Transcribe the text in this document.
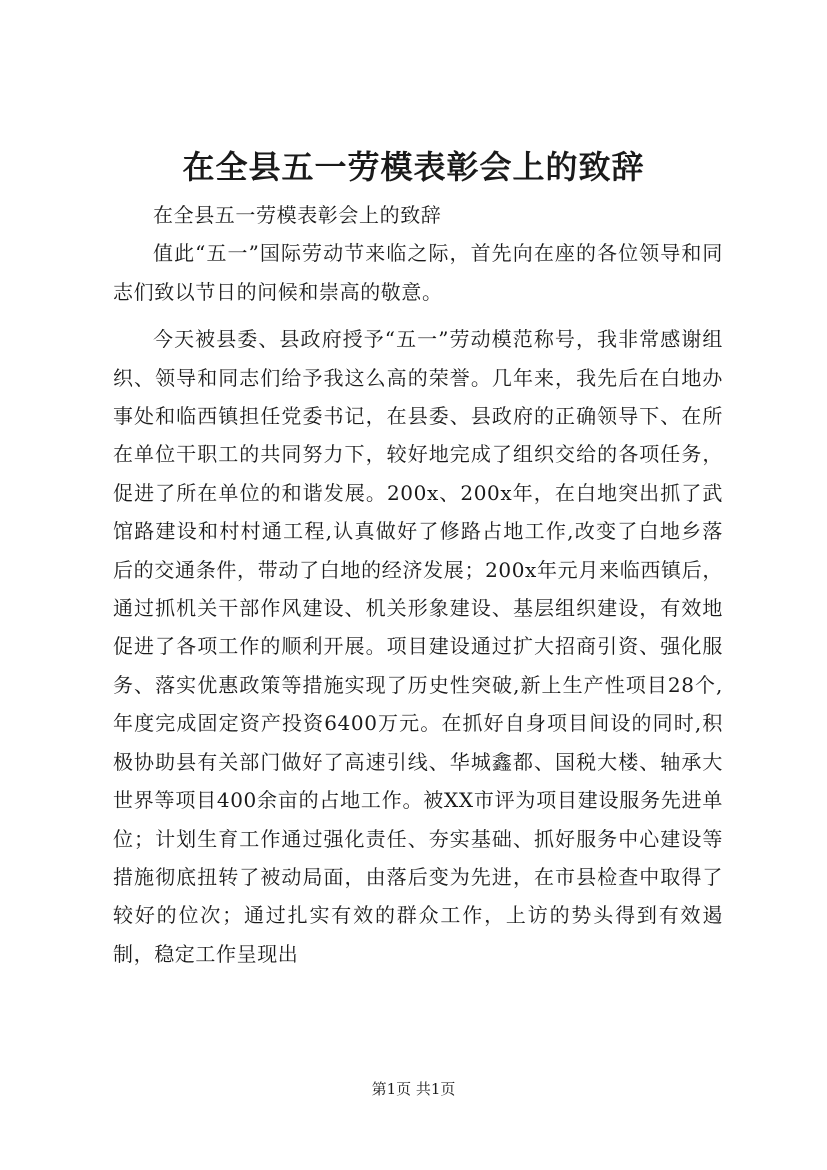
在全县五一劳模表彰会上的致辞

在全县五一劳模表彰会上的致辞

值此“五一”国际劳动节来临之际，首先向在座的各位领导和同志们致以节日的问候和崇高的敬意。

今天被县委、县政府授予“五一”劳动模范称号，我非常感谢组织、领导和同志们给予我这么高的荣誉。几年来，我先后在白地办事处和临西镇担任党委书记，在县委、县政府的正确领导下、在所在单位干职工的共同努力下，较好地完成了组织交给的各项任务，促进了所在单位的和谐发展。200x、200x年，在白地突出抓了武馆路建设和村村通工程,认真做好了修路占地工作,改变了白地乡落后的交通条件，带动了白地的经济发展；200x年元月来临西镇后，通过抓机关干部作风建设、机关形象建设、基层组织建设，有效地促进了各项工作的顺利开展。项目建设通过扩大招商引资、强化服务、落实优惠政策等措施实现了历史性突破,新上生产性项目28个,年度完成固定资产投资6400万元。在抓好自身项目间设的同时,积极协助县有关部门做好了高速引线、华城鑫都、国税大楼、轴承大世界等项目400余亩的占地工作。被XX市评为项目建设服务先进单位；计划生育工作通过强化责任、夯实基础、抓好服务中心建设等措施彻底扭转了被动局面，由落后变为先进，在市县检查中取得了较好的位次；通过扎实有效的群众工作，上访的势头得到有效遏制，稳定工作呈现出

第1页 共1页
